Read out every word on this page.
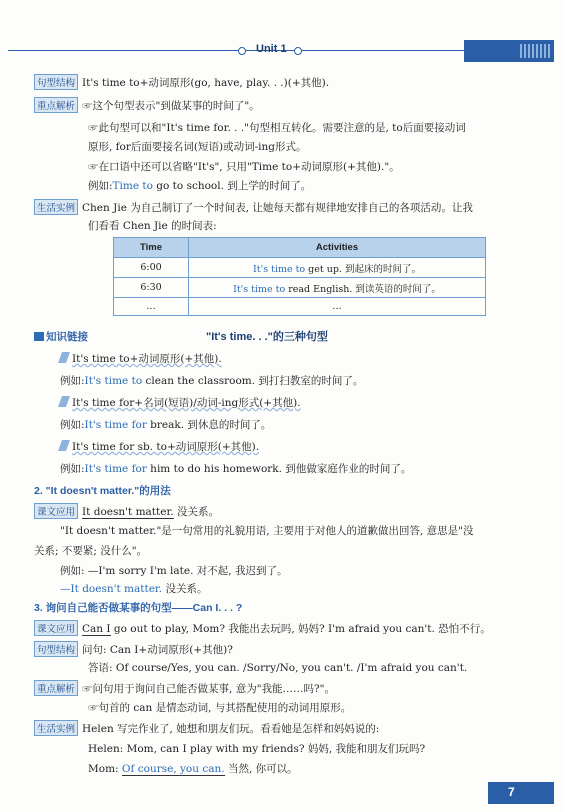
Unit 1
句型结构 It's time to+动词原形(go, have, play. . .)(+其他).
重点解析 ☞这个句型表示"到做某事的时间了"。
☞此句型可以和"It's time for. . ."句型相互转化。需要注意的是, to后面要接动词
原形, for后面要接名词(短语)或动词-ing形式。
☞在口语中还可以省略"It's", 只用"Time to+动词原形(+其他)."。
例如:Time to go to school. 到上学的时间了。
生活实例 Chen Jie 为自己制订了一个时间表, 让她每天都有规律地安排自己的各项活动。让我
们看看 Chen Jie 的时间表:
Time	Activities
6:00	It's time to get up. 到起床的时间了。
6:30	It's time to read English. 到读英语的时间了。
…	…
知识链接	"It's time. . ."的三种句型
It's time to+动词原形(+其他).
例如:It's time to clean the classroom. 到打扫教室的时间了。
It's time for+名词(短语)/动词-ing形式(+其他).
例如:It's time for break. 到休息的时间了。
It's time for sb. to+动词原形(+其他).
例如:It's time for him to do his homework. 到他做家庭作业的时间了。
2. "It doesn't matter."的用法
课文应用 It doesn't matter. 没关系。
"It doesn't matter."是一句常用的礼貌用语, 主要用于对他人的道歉做出回答, 意思是"没
关系; 不要紧; 没什么"。
例如: —I'm sorry I'm late. 对不起, 我迟到了。
—It doesn't matter. 没关系。
3. 询问自己能否做某事的句型——Can I. . . ?
课文应用 Can I go out to play, Mom? 我能出去玩吗, 妈妈? I'm afraid you can't. 恐怕不行。
句型结构 问句: Can I+动词原形(+其他)?
答语: Of course/Yes, you can. /Sorry/No, you can't. /I'm afraid you can't.
重点解析 ☞问句用于询问自己能否做某事, 意为"我能……吗?"。
☞句首的 can 是情态动词, 与其搭配使用的动词用原形。
生活实例 Helen 写完作业了, 她想和朋友们玩。看看她是怎样和妈妈说的:
Helen: Mom, can I play with my friends? 妈妈, 我能和朋友们玩吗?
Mom: Of course, you can. 当然, 你可以。
7
